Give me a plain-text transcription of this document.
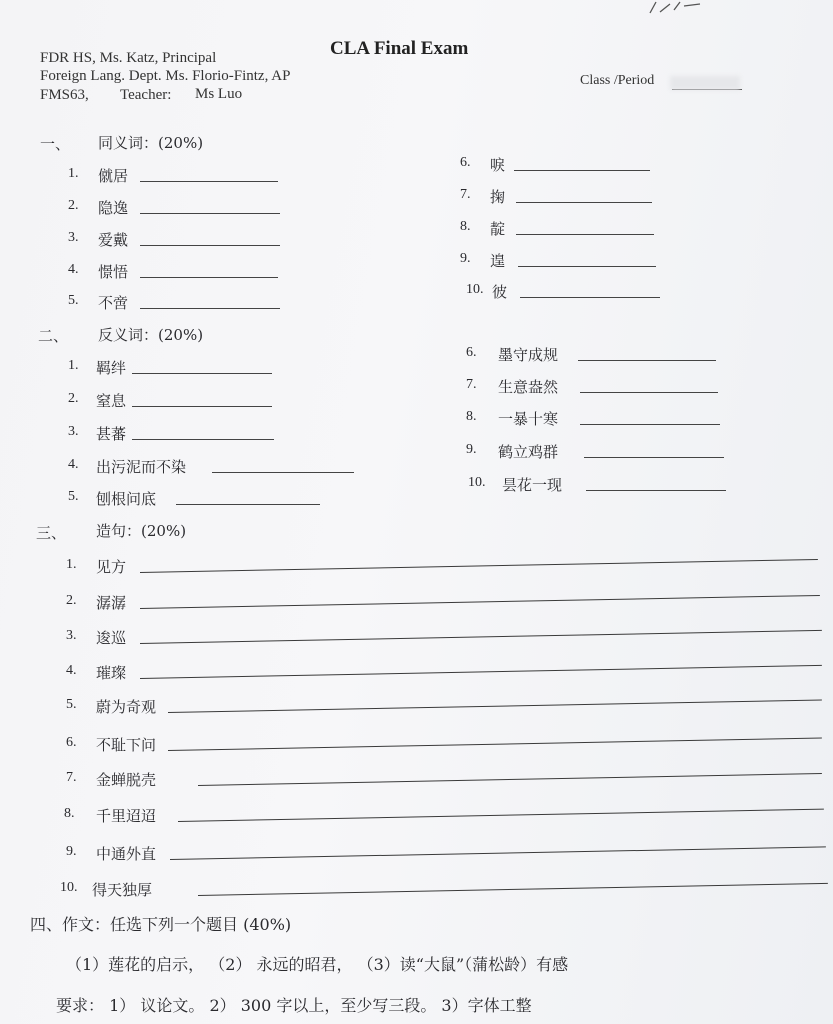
FDR HS, Ms. Katz, Principal
Foreign Lang. Dept. Ms. Florio-Fintz, AP
FMS63, Teacher: Ms Luo
CLA Final Exam
Class /Period
一、 同义词：(20%)
1. 僦居
2. 隐逸
3. 爱戴
4. 憬悟
5. 不啻
6. 唳
7. 掬
8. 靛
9. 遑
10. 彼
二、 反义词：(20%)
1. 羁绊
2. 窒息
3. 甚蕃
4. 出污泥而不染
5. 刨根问底
6. 墨守成规
7. 生意盎然
8. 一暴十寒
9. 鹤立鸡群
10. 昙花一现
三、 造句：(20%)
1. 见方
2. 潺潺
3. 逡巡
4. 璀璨
5. 蔚为奇观
6. 不耻下问
7. 金蝉脱壳
8. 千里迢迢
9. 中通外直
10. 得天独厚
四、作文：任选下列一个题目 (40%)
（1）莲花的启示， （2） 永远的昭君， （3）读“大鼠”（蒲松龄）有感
要求： 1） 议论文。 2） 300 字以上，至少写三段。 3）字体工整
